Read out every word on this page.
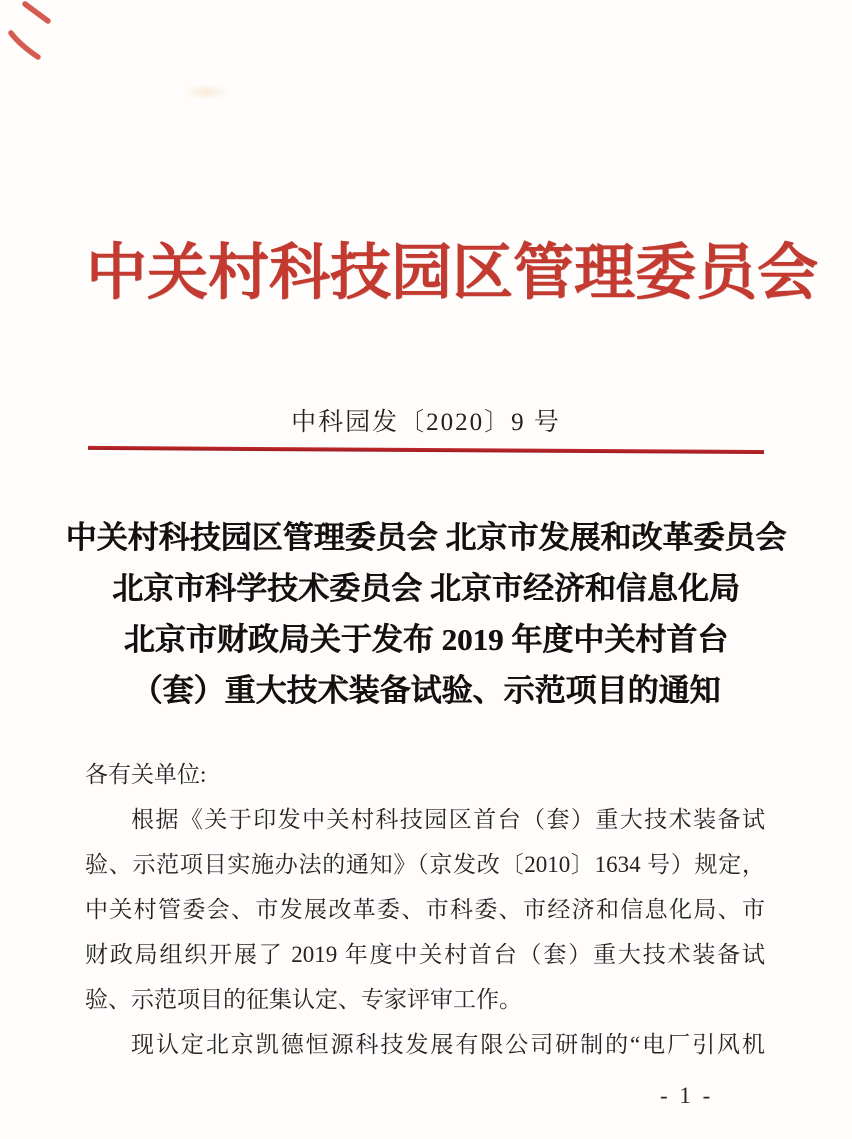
中关村科技园区管理委员会
中科园发〔2020〕9 号
中关村科技园区管理委员会 北京市发展和改革委员会
北京市科学技术委员会 北京市经济和信息化局
北京市财政局关于发布 2019 年度中关村首台
（套）重大技术装备试验、示范项目的通知
各有关单位:
根据《关于印发中关村科技园区首台（套）重大技术装备试
验、示范项目实施办法的通知》（京发改〔2010〕1634 号）规定，
中关村管委会、市发展改革委、市科委、市经济和信息化局、市
财政局组织开展了 2019 年度中关村首台（套）重大技术装备试
验、示范项目的征集认定、专家评审工作。
现认定北京凯德恒源科技发展有限公司研制的“电厂引风机
- 1 -
